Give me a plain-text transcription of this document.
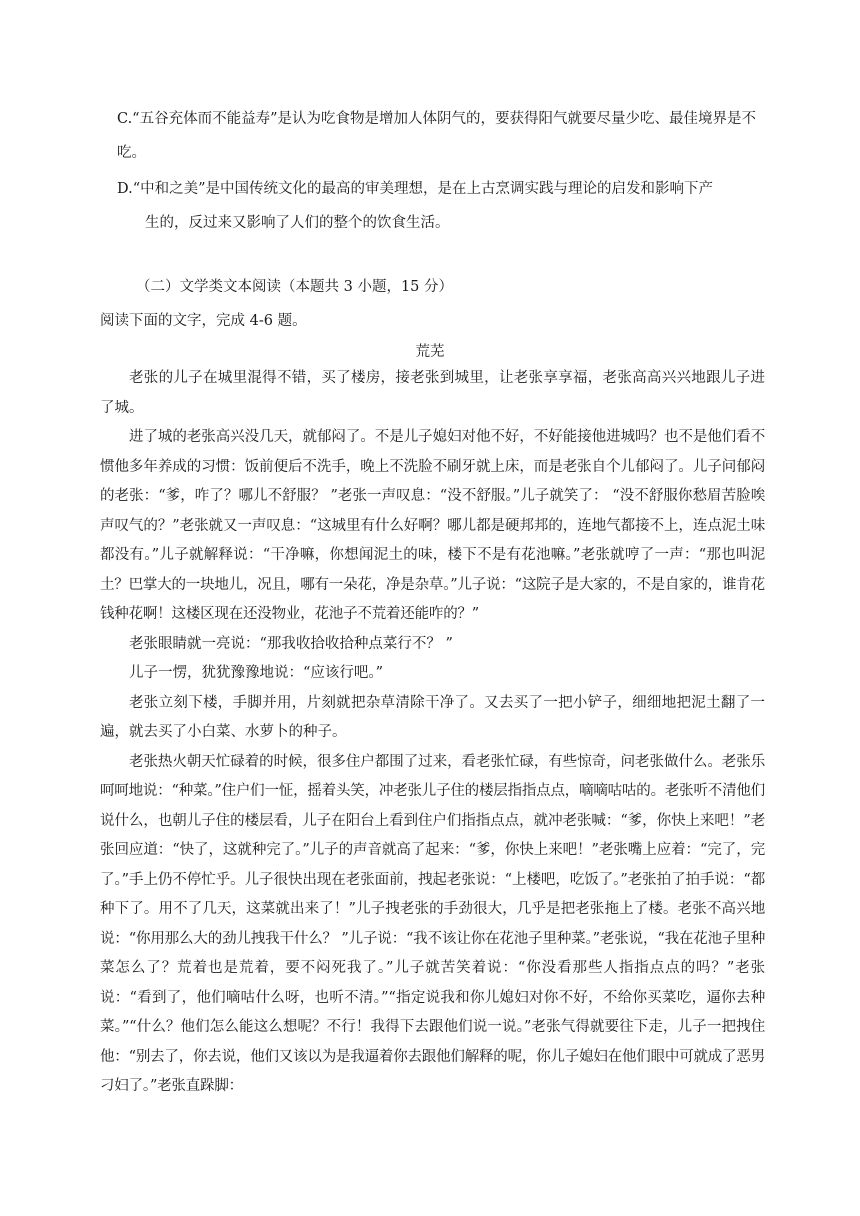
C.“五谷充体而不能益寿”是认为吃食物是增加人体阴气的，要获得阳气就要尽量少吃、最佳境界是不吃。

D.“中和之美”是中国传统文化的最高的审美理想，是在上古烹调实践与理论的启发和影响下产
生的，反过来又影响了人们的整个的饮食生活。

（二）文学类文本阅读（本题共 3 小题，15 分）

阅读下面的文字，完成 4-6 题。

荒芜

老张的儿子在城里混得不错，买了楼房，接老张到城里，让老张享享福，老张高高兴兴地跟儿子进了城。

进了城的老张高兴没几天，就郁闷了。不是儿子媳妇对他不好，不好能接他进城吗？也不是他们看不惯他多年养成的习惯：饭前便后不洗手，晚上不洗脸不刷牙就上床，而是老张自个儿郁闷了。儿子问郁闷的老张：“爹，咋了？哪儿不舒服？ ”老张一声叹息：“没不舒服。”儿子就笑了： “没不舒服你愁眉苦脸唉声叹气的？”老张就又一声叹息：“这城里有什么好啊？哪儿都是硬邦邦的，连地气都接不上，连点泥土味都没有。”儿子就解释说：“干净嘛，你想闻泥土的味，楼下不是有花池嘛。”老张就哼了一声：“那也叫泥土？巴掌大的一块地儿，况且，哪有一朵花，净是杂草。”儿子说：“这院子是大家的，不是自家的，谁肯花钱种花啊！这楼区现在还没物业，花池子不荒着还能咋的？”

老张眼睛就一亮说：“那我收拾收拾种点菜行不？ ”

儿子一愣，犹犹豫豫地说：“应该行吧。”

老张立刻下楼，手脚并用，片刻就把杂草清除干净了。又去买了一把小铲子，细细地把泥土翻了一遍，就去买了小白菜、水萝卜的种子。

老张热火朝天忙碌着的时候，很多住户都围了过来，看老张忙碌，有些惊奇，问老张做什么。老张乐呵呵地说：“种菜。”住户们一怔，摇着头笑，冲老张儿子住的楼层指指点点，嘀嘀咕咕的。老张听不清他们说什么，也朝儿子住的楼层看，儿子在阳台上看到住户们指指点点，就冲老张喊：“爹，你快上来吧！”老张回应道：“快了，这就种完了。”儿子的声音就高了起来：“爹，你快上来吧！”老张嘴上应着：“完了，完了。”手上仍不停忙乎。儿子很快出现在老张面前，拽起老张说：“上楼吧，吃饭了。”老张拍了拍手说：“都种下了。用不了几天，这菜就出来了！”儿子拽老张的手劲很大，几乎是把老张拖上了楼。老张不高兴地说：“你用那么大的劲儿拽我干什么？ ”儿子说：“我不该让你在花池子里种菜。”老张说，“我在花池子里种菜怎么了？荒着也是荒着，要不闷死我了。”儿子就苦笑着说：“你没看那些人指指点点的吗？”老张说：“看到了，他们嘀咕什么呀，也听不清。”“指定说我和你儿媳妇对你不好，不给你买菜吃，逼你去种菜。”“什么？他们怎么能这么想呢？不行！我得下去跟他们说一说。”老张气得就要往下走，儿子一把拽住他：“别去了，你去说，他们又该以为是我逼着你去跟他们解释的呢，你儿子媳妇在他们眼中可就成了恶男刁妇了。”老张直跺脚：
